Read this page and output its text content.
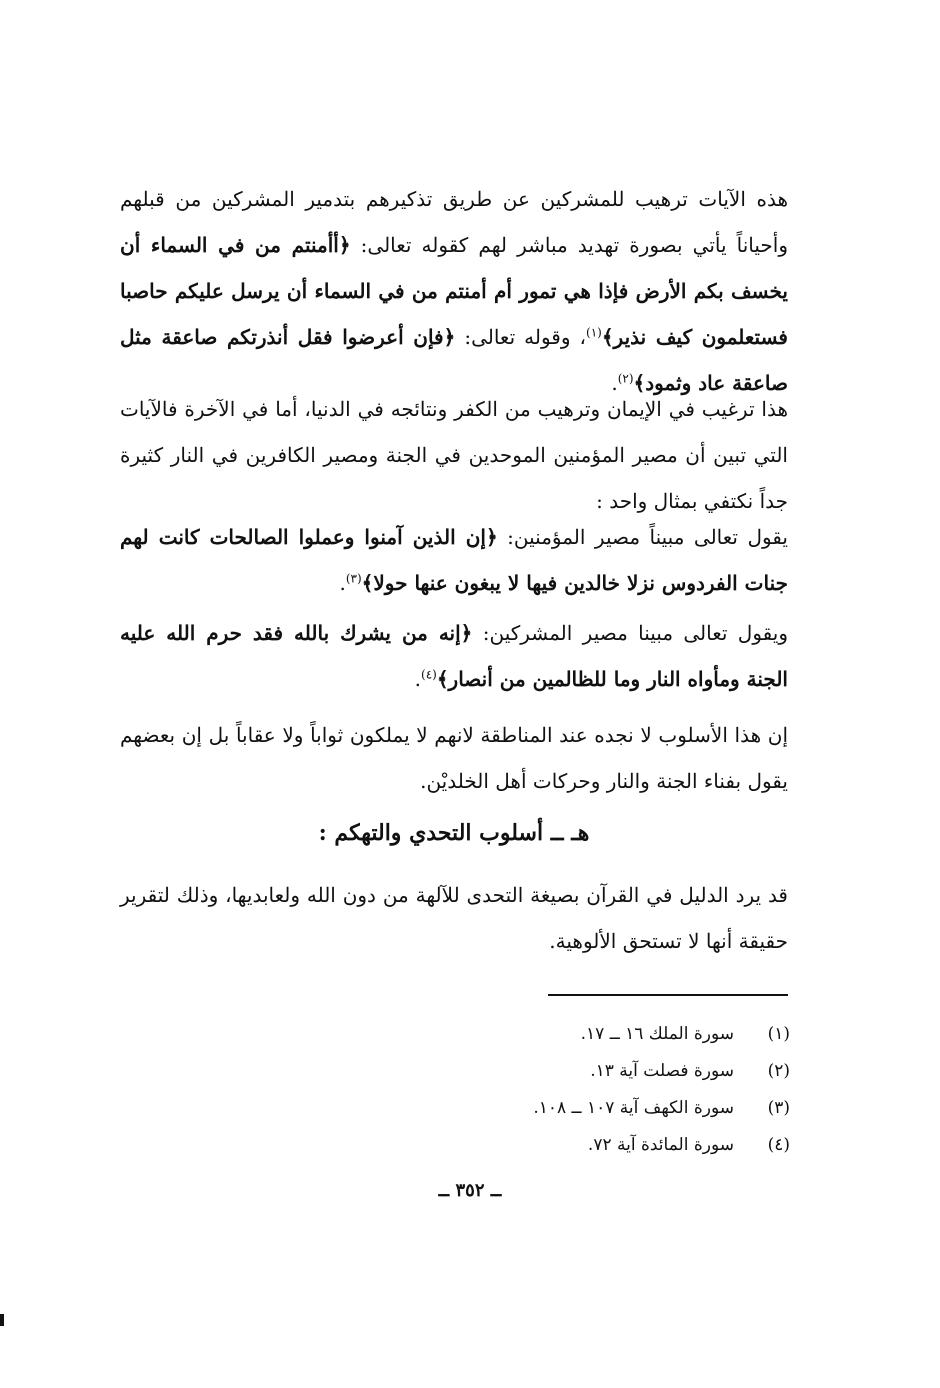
هذه الآيات ترهيب للمشركين عن طريق تذكيرهم بتدمير المشركين من قبلهم وأحياناً يأتي بصورة تهديد مباشر لهم كقوله تعالى: ﴿أأمنتم من في السماء أن يخسف بكم الأرض فإذا هي تمور أم أمنتم من في السماء أن يرسل عليكم حاصبا فستعلمون كيف نذير﴾$^{(١)}$، وقوله تعالى: ﴿فإن أعرضوا فقل أنذرتكم صاعقة مثل صاعقة عاد وثمود﴾$^{(٢)}$.
هذا ترغيب في الإيمان وترهيب من الكفر ونتائجه في الدنيا، أما في الآخرة فالآيات التي تبين أن مصير المؤمنين الموحدين في الجنة ومصير الكافرين في النار كثيرة جداً نكتفي بمثال واحد :
يقول تعالى مبيناً مصير المؤمنين: ﴿إن الذين آمنوا وعملوا الصالحات كانت لهم جنات الفردوس نزلا خالدين فيها لا يبغون عنها حولا﴾$^{(٣)}$.
ويقول تعالى مبينا مصير المشركين: ﴿إنه من يشرك بالله فقد حرم الله عليه الجنة ومأواه النار وما للظالمين من أنصار﴾$^{(٤)}$.
إن هذا الأسلوب لا نجده عند المناطقة لانهم لا يملكون ثواباً ولا عقاباً بل إن بعضهم يقول بفناء الجنة والنار وحركات أهل الخلديْن.
هـ ــ أسلوب التحدي والتهكم :
قد يرد الدليل في القرآن بصيغة التحدى للآلهة من دون الله ولعابديها، وذلك لتقرير حقيقة أنها لا تستحق الألوهية.
(١)
سورة الملك ١٦ ــ ١٧.
(٢)
سورة فصلت آية ١٣.
(٣)
سورة الكهف آية ١٠٧ ــ ١٠٨.
(٤)
سورة المائدة آية ٧٢.
ــ ٣٥٢ ــ
